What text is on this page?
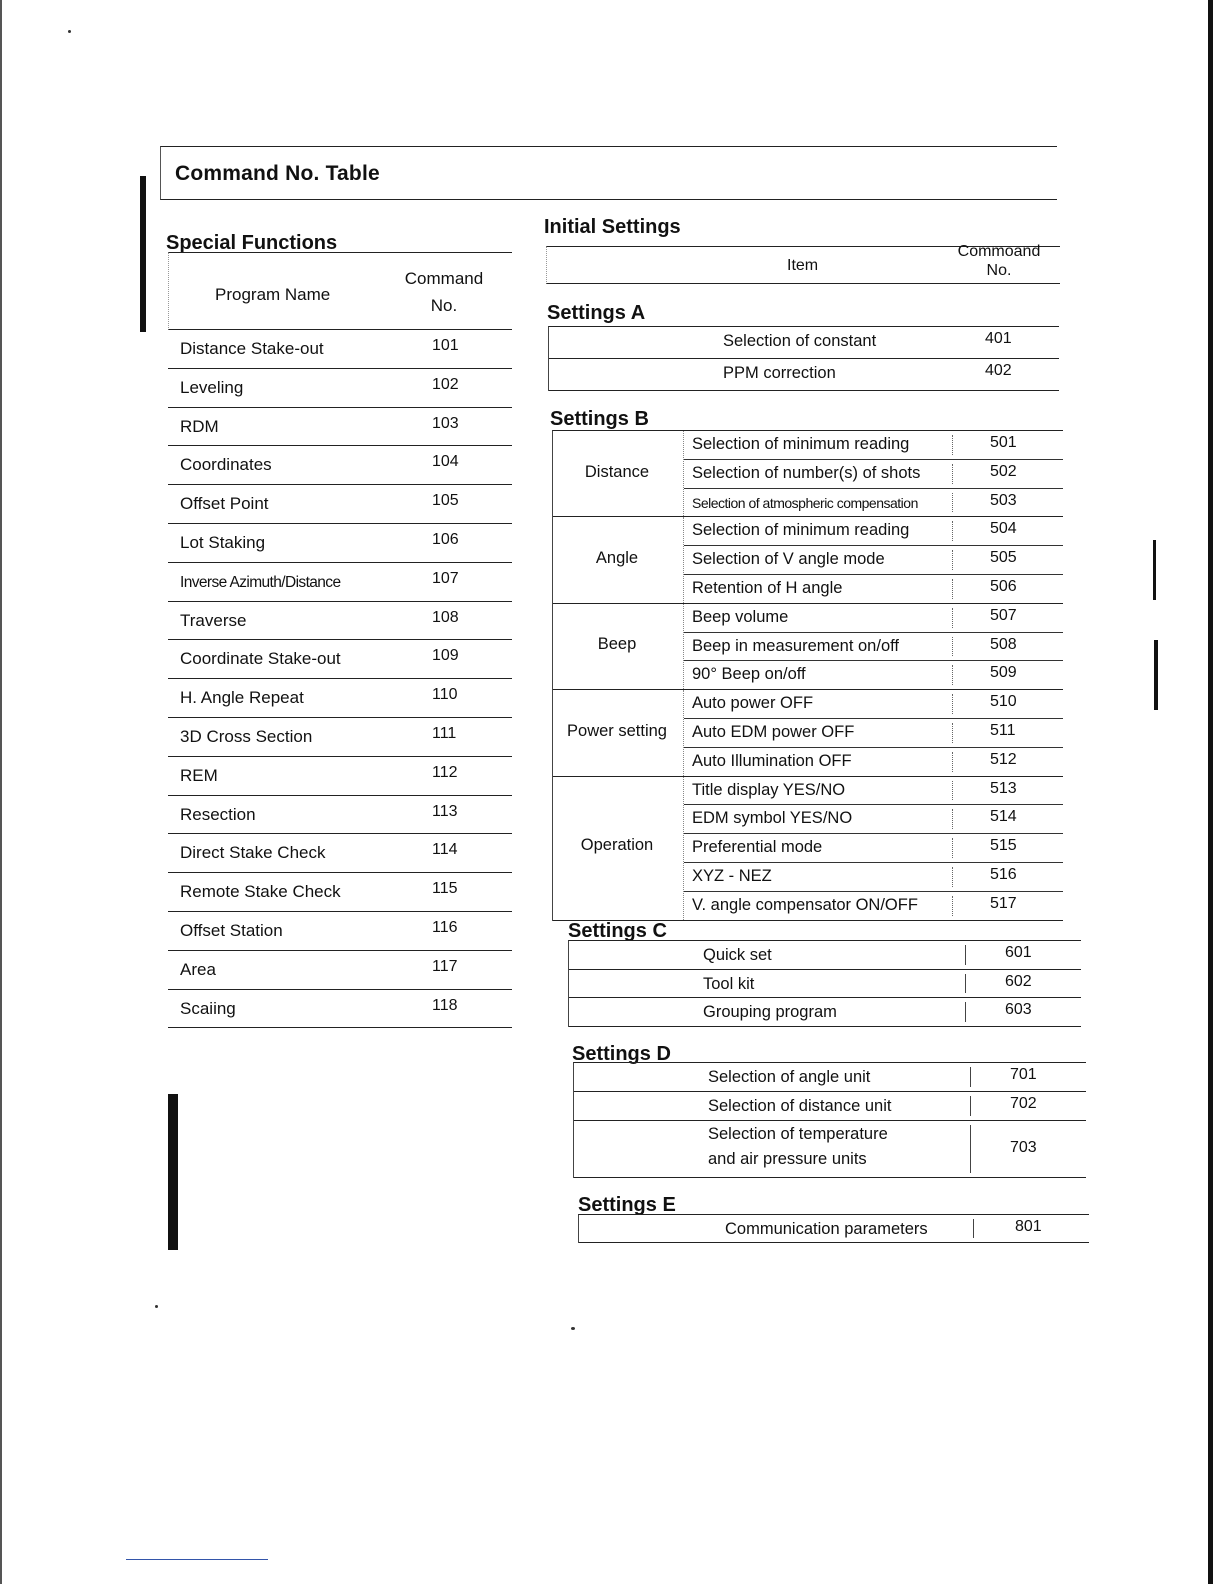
Command No. Table
Special Functions
Program Name
Command
No.
Distance Stake-out	101
Leveling	102
RDM	103
Coordinates	104
Offset Point	105
Lot Staking	106
Inverse Azimuth/Distance	107
Traverse	108
Coordinate Stake-out	109
H. Angle Repeat	110
3D Cross Section	111
REM	112
Resection	113
Direct Stake Check	114
Remote Stake Check	115
Offset Station	116
Area	117
Scaiing	118
Initial Settings
Item
Commoand
No.
Settings A
Selection of constant	401
PPM correction	402
Settings B
Distance
Selection of minimum reading	501
Selection of number(s) of shots	502
Selection of atmospheric compensation	503
Angle
Selection of minimum reading	504
Selection of V angle mode	505
Retention of H angle	506
Beep
Beep volume	507
Beep in measurement on/off	508
90° Beep on/off	509
Power setting
Auto power OFF	510
Auto EDM power OFF	511
Auto Illumination OFF	512
Operation
Title display YES/NO	513
EDM symbol YES/NO	514
Preferential mode	515
XYZ - NEZ	516
V. angle compensator ON/OFF	517
Settings C
Quick set	601
Tool kit	602
Grouping program	603
Settings D
Selection of angle unit	701
Selection of distance unit	702
Selection of temperature
and air pressure units
703
Settings E
Communication parameters	801
